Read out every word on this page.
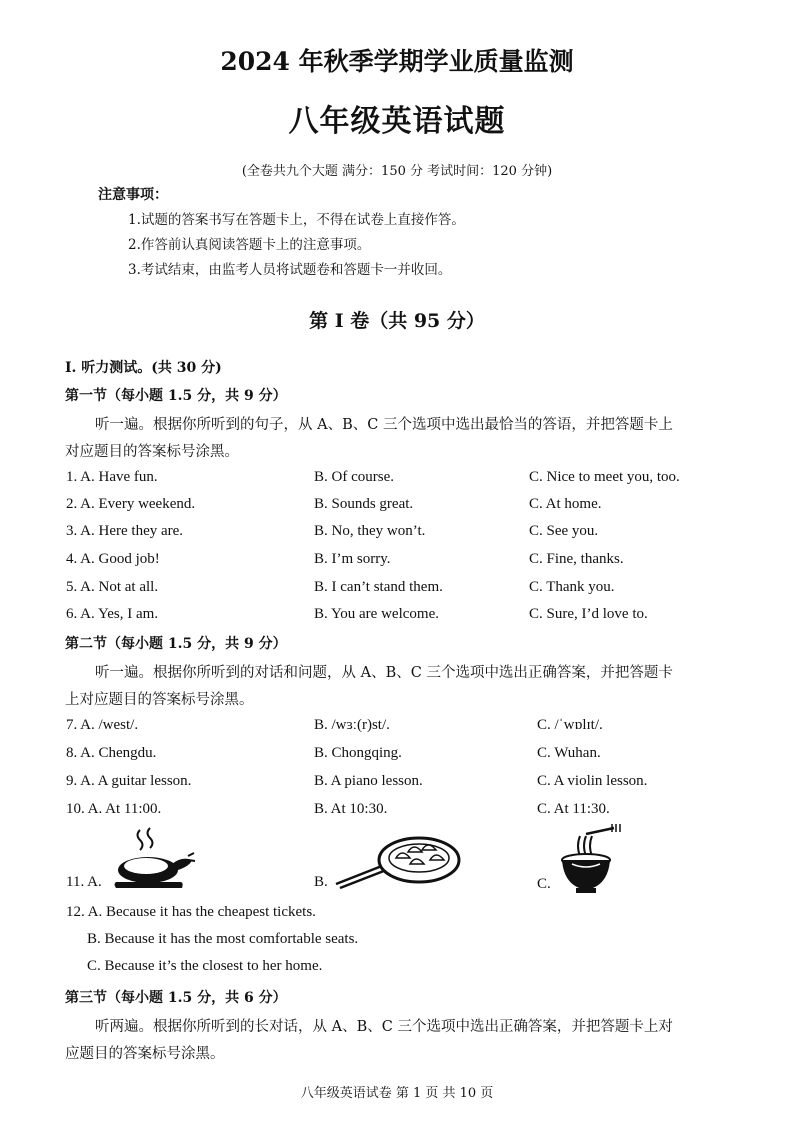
2024 年秋季学期学业质量监测
八年级英语试题
(全卷共九个大题 满分：150 分 考试时间：120 分钟)
注意事项：
1.试题的答案书写在答题卡上，不得在试卷上直接作答。
2.作答前认真阅读答题卡上的注意事项。
3.考试结束，由监考人员将试题卷和答题卡一并收回。
第 I 卷（共 95 分）
I. 听力测试。(共 30 分)
第一节（每小题 1.5 分，共 9 分）
听一遍。根据你所听到的句子，从 A、B、C 三个选项中选出最恰当的答语，并把答题卡上
对应题目的答案标号涂黑。
1. A. Have fun.	B. Of course.	C. Nice to meet you, too.
2. A. Every weekend.	B. Sounds great.	C. At home.
3. A. Here they are.	B. No, they won’t.	C. See you.
4. A. Good job!	B. I’m sorry.	C. Fine, thanks.
5. A. Not at all.	B. I can’t stand them.	C. Thank you.
6. A. Yes, I am.	B. You are welcome.	C. Sure, I’d love to.
第二节（每小题 1.5 分，共 9 分）
听一遍。根据你所听到的对话和问题，从 A、B、C 三个选项中选出正确答案，并把答题卡
上对应题目的答案标号涂黑。
7. A. /west/.	B. /wɜː(r)st/.	C. /ˈwɒlɪt/.
8. A. Chengdu.	B. Chongqing.	C. Wuhan.
9. A. A guitar lesson.	B. A piano lesson.	C. A violin lesson.
10. A. At 11:00.	B. At 10:30.	C. At 11:30.
11. A.	B.	C.
12. A. Because it has the cheapest tickets.
B. Because it has the most comfortable seats.
C. Because it’s the closest to her home.
第三节（每小题 1.5 分，共 6 分）
听两遍。根据你所听到的长对话，从 A、B、C 三个选项中选出正确答案，并把答题卡上对
应题目的答案标号涂黑。
八年级英语试卷 第 1 页 共 10 页
